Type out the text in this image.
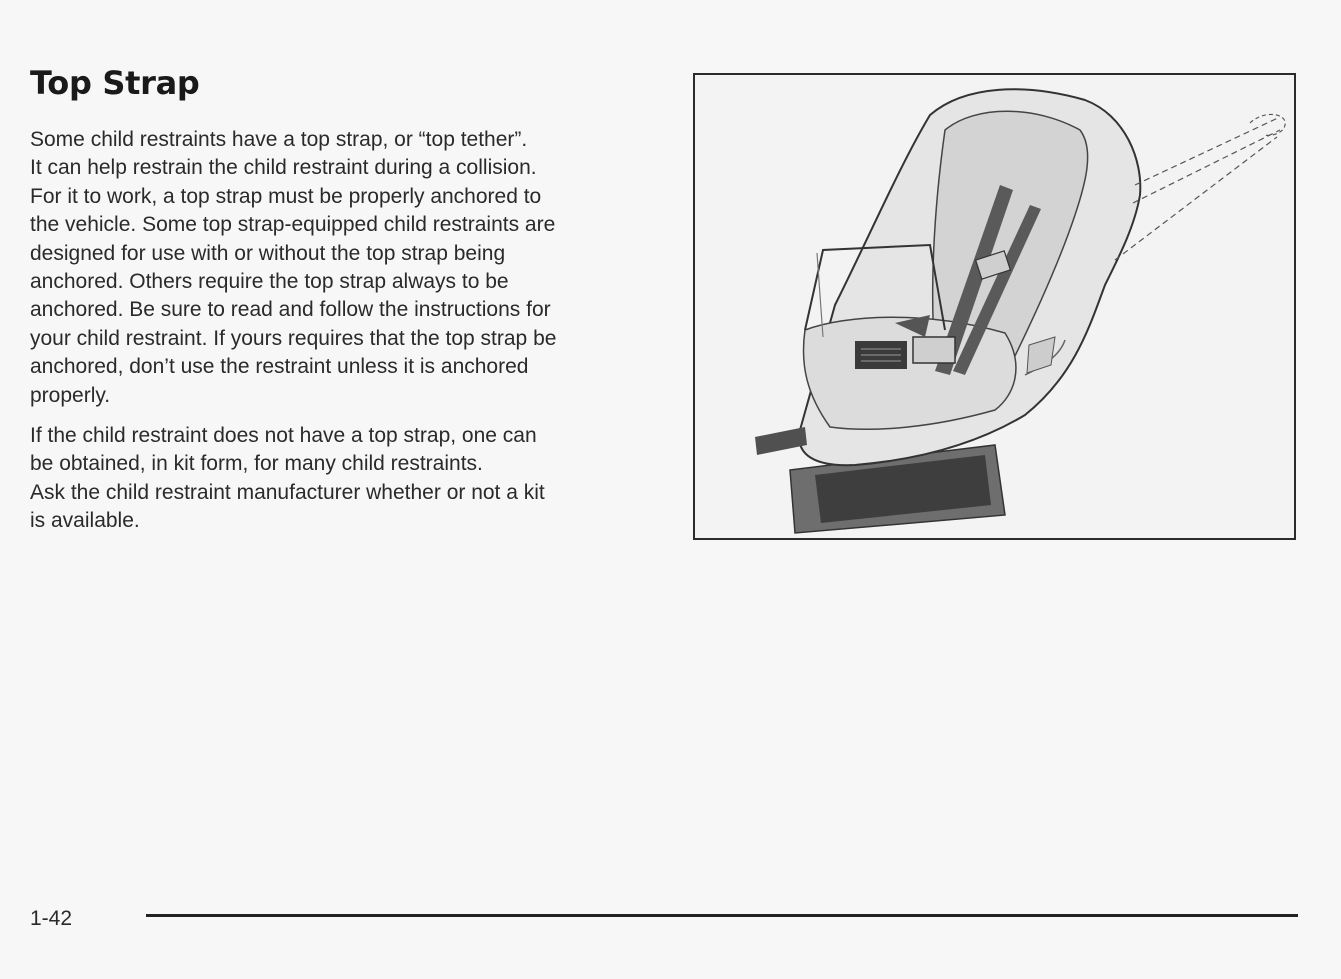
Top Strap

Some child restraints have a top strap, or “top tether”.
It can help restrain the child restraint during a collision.
For it to work, a top strap must be properly anchored to
the vehicle. Some top strap-equipped child restraints are
designed for use with or without the top strap being
anchored. Others require the top strap always to be
anchored. Be sure to read and follow the instructions for
your child restraint. If yours requires that the top strap be
anchored, don’t use the restraint unless it is anchored
properly.

If the child restraint does not have a top strap, one can
be obtained, in kit form, for many child restraints.
Ask the child restraint manufacturer whether or not a kit
is available.

1-42
